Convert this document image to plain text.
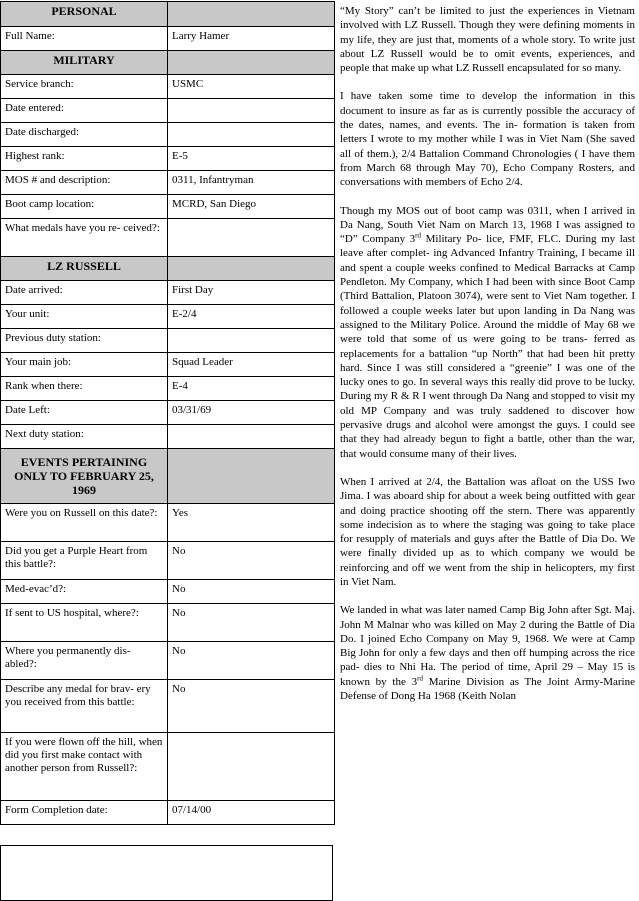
PERSONAL	
Full Name:	Larry Hamer
MILITARY	
Service branch:	USMC
Date entered:	
Date discharged:	
Highest rank:	E-5
MOS # and description:	0311, Infantryman
Boot camp location:	MCRD, San Diego
What medals have you re- ceived?:	
LZ RUSSELL	
Date arrived:	First Day
Your unit:	E-2/4
Previous duty station:	
Your main job:	Squad Leader
Rank when there:	E-4
Date Left:	03/31/69
Next duty station:	
EVENTS PERTAINING ONLY TO FEBRUARY 25, 1969	
Were you on Russell on this date?:	Yes
Did you get a Purple Heart from this battle?:	No
Med-evac’d?:	No
If sent to US hospital, where?:	No
Where you permanently dis- abled?:	No
Describe any medal for brav- ery you received from this battle:	No
If you were flown off the hill, when did you first make contact with another person from Russell?:	
Form Completion date:	07/14/00

“My Story” can’t be limited to just the experiences in Vietnam involved with LZ Russell. Though they were defining moments in my life, they are just that, moments of a whole story. To write just about LZ Russell would be to omit events, experiences, and people that make up what LZ Russell encapsulated for so many.

I have taken some time to develop the information in this document to insure as far as is currently possible the accuracy of the dates, names, and events. The in- formation is taken from letters I wrote to my mother while I was in Viet Nam (She saved all of them.), 2/4 Battalion Command Chronologies ( I have them from March 68 through May 70), Echo Company Rosters, and conversations with members of Echo 2/4.

Though my MOS out of boot camp was 0311, when I arrived in Da Nang, South Viet Nam on March 13, 1968 I was assigned to “D” Company 3rd Military Po- lice, FMF, FLC. During my last leave after complet- ing Advanced Infantry Training, I became ill and spent a couple weeks confined to Medical Barracks at Camp Pendleton. My Company, which I had been with since Boot Camp (Third Battalion, Platoon 3074), were sent to Viet Nam together. I followed a couple weeks later but upon landing in Da Nang was assigned to the Military Police. Around the middle of May 68 we were told that some of us were going to be trans- ferred as replacements for a battalion “up North” that had been hit pretty hard. Since I was still considered a “greenie” I was one of the lucky ones to go. In several ways this really did prove to be lucky. During my R & R I went through Da Nang and stopped to visit my old MP Company and was truly saddened to discover how pervasive drugs and alcohol were amongst the guys. I could see that they had already begun to fight a battle, other than the war, that would consume many of their lives.

When I arrived at 2/4, the Battalion was afloat on the USS Iwo Jima. I was aboard ship for about a week being outfitted with gear and doing practice shooting off the stern. There was apparently some indecision as to where the staging was going to take place for resupply of materials and guys after the Battle of Dia Do. We were finally divided up as to which company we would be reinforcing and off we went from the ship in helicopters, my first in Viet Nam.

We landed in what was later named Camp Big John after Sgt. Maj. John M Malnar who was killed on May 2 during the Battle of Dia Do. I joined Echo Company on May 9, 1968. We were at Camp Big John for only a few days and then off humping across the rice pad- dies to Nhi Ha. The period of time, April 29 – May 15 is known by the 3rd Marine Division as The Joint Army-Marine Defense of Dong Ha 1968 (Keith Nolan
